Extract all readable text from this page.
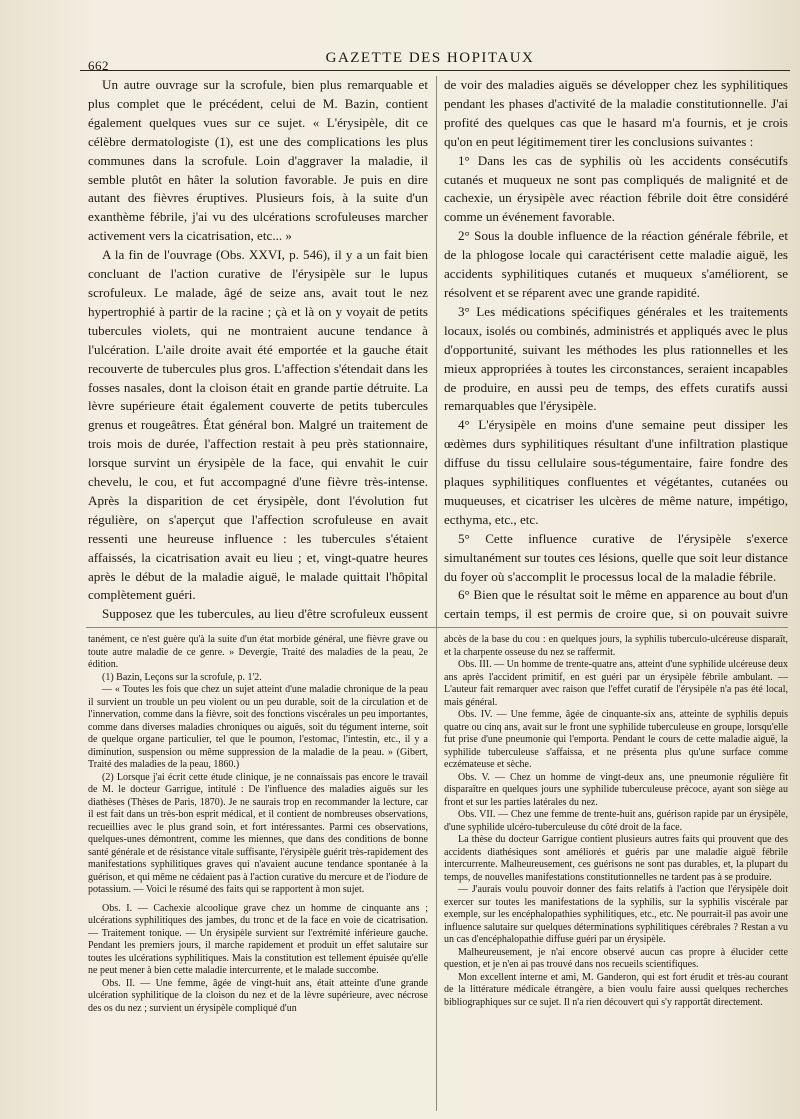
662	GAZETTE DES HOPITAUX

Un autre ouvrage sur la scrofule, bien plus remarquable et plus complet que le précédent, celui de M. Bazin, contient également quelques vues sur ce sujet. « L'érysipèle, dit ce célèbre dermatologiste (1), est une des complications les plus communes dans la scrofule. Loin d'aggraver la maladie, il semble plutôt en hâter la solution favorable. Je puis en dire autant des fièvres éruptives. Plusieurs fois, à la suite d'un exanthème fébrile, j'ai vu des ulcérations scrofuleuses marcher activement vers la cicatrisation, etc... »

A la fin de l'ouvrage (Obs. XXVI, p. 546), il y a un fait bien concluant de l'action curative de l'érysipèle sur le lupus scrofuleux. Le malade, âgé de seize ans, avait tout le nez hypertrophié à partir de la racine ; çà et là on y voyait de petits tubercules violets, qui ne montraient aucune tendance à l'ulcération. L'aile droite avait été emportée et la gauche était recouverte de tubercules plus gros. L'affection s'étendait dans les fosses nasales, dont la cloison était en grande partie détruite. La lèvre supérieure était également couverte de petits tubercules grenus et rougeâtres. État général bon. Malgré un traitement de trois mois de durée, l'affection restait à peu près stationnaire, lorsque survint un érysipèle de la face, qui envahit le cuir chevelu, le cou, et fut accompagné d'une fièvre très-intense. Après la disparition de cet érysipèle, dont l'évolution fut régulière, on s'aperçut que l'affection scrofuleuse en avait ressenti une heureuse influence : les tubercules s'étaient affaissés, la cicatrisation avait eu lieu ; et, vingt-quatre heures après le début de la maladie aiguë, le malade quittait l'hôpital complètement guéri.

Supposez que les tubercules, au lieu d'être scrofuleux eussent

de voir des maladies aiguës se développer chez les syphilitiques pendant les phases d'activité de la maladie constitutionnelle. J'ai profité des quelques cas que le hasard m'a fournis, et je crois qu'on en peut légitimement tirer les conclusions suivantes :

1° Dans les cas de syphilis où les accidents consécutifs cutanés et muqueux ne sont pas compliqués de malignité et de cachexie, un érysipèle avec réaction fébrile doit être considéré comme un événement favorable.

2° Sous la double influence de la réaction générale fébrile, et de la phlogose locale qui caractérisent cette maladie aiguë, les accidents syphilitiques cutanés et muqueux s'améliorent, se résolvent et se réparent avec une grande rapidité.

3° Les médications spécifiques générales et les traitements locaux, isolés ou combinés, administrés et appliqués avec le plus d'opportunité, suivant les méthodes les plus rationnelles et les mieux appropriées à toutes les circonstances, seraient incapables de produire, en aussi peu de temps, des effets curatifs aussi remarquables que l'érysipèle.

4° L'érysipèle en moins d'une semaine peut dissiper les œdèmes durs syphilitiques résultant d'une infiltration plastique diffuse du tissu cellulaire sous-tégumentaire, faire fondre des plaques syphilitiques confluentes et végétantes, cutanées ou muqueuses, et cicatriser les ulcères de même nature, impétigo, ecthyma, etc., etc.

5° Cette influence curative de l'érysipèle s'exerce simultanément sur toutes ces lésions, quelle que soit leur distance du foyer où s'accomplit le processus local de la maladie fébrile.

6° Bien que le résultat soit le même en apparence au bout d'un certain temps, il est permis de croire que, si on pouvait suivre

tanément, ce n'est guère qu'à la suite d'un état morbide général, une fièvre grave ou toute autre maladie de ce genre. » Devergie, Traité des maladies de la peau, 2e édition.

(1) Bazin, Leçons sur la scrofule, p. 1'2.

— « Toutes les fois que chez un sujet atteint d'une maladie chronique de la peau il survient un trouble un peu violent ou un peu durable, soit de la circulation et de l'innervation, comme dans la fièvre, soit des fonctions viscérales un peu importantes, comme dans diverses maladies chroniques ou aiguës, soit du tégument interne, soit de quelque organe particulier, tel que le poumon, l'estomac, l'intestin, etc., il y a diminution, suspension ou même suppression de la maladie de la peau. » (Gibert, Traité des maladies de la peau, 1860.)

(2) Lorsque j'ai écrit cette étude clinique, je ne connaissais pas encore le travail de M. le docteur Garrigue, intitulé : De l'influence des maladies aiguës sur les diathèses (Thèses de Paris, 1870). Je ne saurais trop en recommander la lecture, car il est fait dans un très-bon esprit médical, et il contient de nombreuses observations, recueillies avec le plus grand soin, et fort intéressantes. Parmi ces observations, quelques-unes démontrent, comme les miennes, que dans des conditions de bonne santé générale et de résistance vitale suffisante, l'érysipèle guérit très-rapidement des manifestations syphilitiques graves qui n'avaient aucune tendance spontanée à la guérison, et qui même ne cédaient pas à l'action curative du mercure et de l'iodure de potassium. — Voici le résumé des faits qui se rapportent à mon sujet.

Obs. I. — Cachexie alcoolique grave chez un homme de cinquante ans ; ulcérations syphilitiques des jambes, du tronc et de la face en voie de cicatrisation. — Traitement tonique. — Un érysipèle survient sur l'extrémité inférieure gauche. Pendant les premiers jours, il marche rapidement et produit un effet salutaire sur toutes les ulcérations syphilitiques. Mais la constitution est tellement épuisée qu'elle ne peut mener à bien cette maladie intercurrente, et le malade succombe.

Obs. II. — Une femme, âgée de vingt-huit ans, était atteinte d'une grande ulcération syphilitique de la cloison du nez et de la lèvre supérieure, avec nécrose des os du nez ; survient un érysipèle compliqué d'un

abcès de la base du cou : en quelques jours, la syphilis tuberculo-ulcéreuse disparaît, et la charpente osseuse du nez se raffermit.

Obs. III. — Un homme de trente-quatre ans, atteint d'une syphilide ulcéreuse deux ans après l'accident primitif, en est guéri par un érysipèle fébrile ambulant. — L'auteur fait remarquer avec raison que l'effet curatif de l'érysipèle n'a pas été local, mais général.

Obs. IV. — Une femme, âgée de cinquante-six ans, atteinte de syphilis depuis quatre ou cinq ans, avait sur le front une syphilide tuberculeuse en groupe, lorsqu'elle fut prise d'une pneumonie qui l'emporta. Pendant le cours de cette maladie aiguë, la syphilide tuberculeuse s'affaissa, et ne présenta plus qu'une surface comme eczémateuse et sèche.

Obs. V. — Chez un homme de vingt-deux ans, une pneumonie régulière fit disparaître en quelques jours une syphilide tuberculeuse précoce, ayant son siège au front et sur les parties latérales du nez.

Obs. VII. — Chez une femme de trente-huit ans, guérison rapide par un érysipèle, d'une syphilide ulcéro-tuberculeuse du côté droit de la face.

La thèse du docteur Garrigue contient plusieurs autres faits qui prouvent que des accidents diathésiques sont améliorés et guéris par une maladie aiguë fébrile intercurrente. Malheureusement, ces guérisons ne sont pas durables, et, la plupart du temps, de nouvelles manifestations constitutionnelles ne tardent pas à se produire.

— J'aurais voulu pouvoir donner des faits relatifs à l'action que l'érysipèle doit exercer sur toutes les manifestations de la syphilis, sur la syphilis viscérale par exemple, sur les encéphalopathies syphilitiques, etc., etc. Ne pourrait-il pas avoir une influence salutaire sur quelques déterminations syphilitiques cérébrales ? Restan a vu un cas d'encéphalopathie diffuse guéri par un érysipèle.

Malheureusement, je n'ai encore observé aucun cas propre à élucider cette question, et je n'en ai pas trouvé dans nos recueils scientifiques.

Mon excellent interne et ami, M. Ganderon, qui est fort érudit et très-au courant de la littérature médicale étrangère, a bien voulu faire aussi quelques recherches bibliographiques sur ce sujet. Il n'a rien découvert qui s'y rapportât directement.
